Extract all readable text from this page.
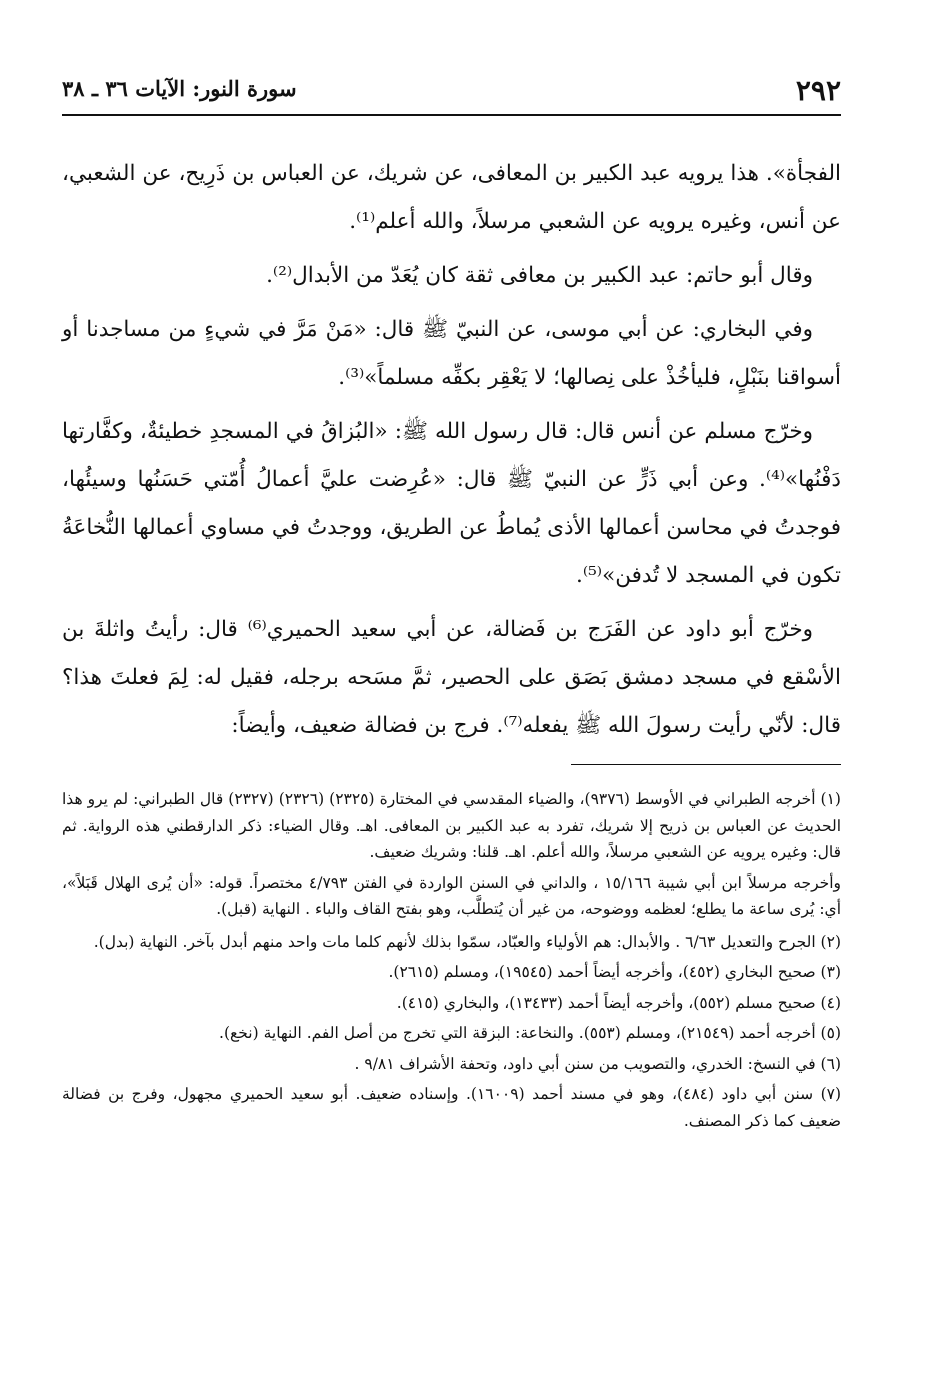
٢٩٢
سورة النور: الآيات ٣٦ ـ ٣٨

الفجأة». هذا يرويه عبد الكبير بن المعافى، عن شريك، عن العباس بن ذَرِيح، عن الشعبي، عن أنس، وغيره يرويه عن الشعبي مرسلاً، والله أعلم⁽¹⁾.

وقال أبو حاتم: عبد الكبير بن معافى ثقة كان يُعَدّ من الأبدال⁽²⁾.

وفي البخاري: عن أبي موسى، عن النبيّ ﷺ قال: «مَنْ مَرَّ في شيءٍ من مساجدنا أو أسواقنا بنَبْلٍ، فليأخُذْ على نِصالها؛ لا يَعْقِر بكفِّه مسلماً»⁽³⁾.

وخرّج مسلم عن أنس قال: قال رسول الله ﷺ: «البُزاقُ في المسجدِ خطيئةٌ، وكفَّارتها دَفْنُها»⁽⁴⁾. وعن أبي ذَرٍّ عن النبيّ ﷺ قال: «عُرِضت عليَّ أعمالُ أُمّتي حَسَنُها وسيئُها، فوجدتُ في محاسن أعمالها الأذى يُماطُ عن الطريق، ووجدتُ في مساوي أعمالها النُّخاعَةُ تكون في المسجد لا تُدفن»⁽⁵⁾.

وخرّج أبو داود عن الفَرَج بن فَضالة، عن أبي سعيد الحميري⁽⁶⁾ قال: رأيتُ واثلةَ بن الأسْقع في مسجد دمشق بَصَق على الحصير، ثمَّ مسَحه برجله، فقيل له: لِمَ فعلتَ هذا؟ قال: لأنّي رأيت رسولَ الله ﷺ يفعله⁽⁷⁾. فرج بن فضالة ضعيف، وأيضاً:

(١) أخرجه الطبراني في الأوسط (٩٣٧٦)، والضياء المقدسي في المختارة (٢٣٢٥) (٢٣٢٦) (٢٣٢٧) قال الطبراني: لم يرو هذا الحديث عن العباس بن ذريح إلا شريك، تفرد به عبد الكبير بن المعافى. اهـ. وقال الضياء: ذكر الدارقطني هذه الرواية. ثم قال: وغيره يرويه عن الشعبي مرسلاً، والله أعلم. اهـ. قلنا: وشريك ضعيف.

وأخرجه مرسلاً ابن أبي شيبة ١٥/١٦٦ ، والداني في السنن الواردة في الفتن ٤/٧٩٣ مختصراً. قوله: «أن يُرى الهلال قَبَلاً»، أي: يُرى ساعة ما يطلع؛ لعظمه ووضوحه، من غير أن يُتطلَّب، وهو بفتح القاف والباء . النهاية (قبل).

(٢) الجرح والتعديل ٦/٦٣ . والأبدال: هم الأولياء والعبّاد، سمّوا بذلك لأنهم كلما مات واحد منهم أبدل بآخر. النهاية (بدل).

(٣) صحيح البخاري (٤٥٢)، وأخرجه أيضاً أحمد (١٩٥٤٥)، ومسلم (٢٦١٥).

(٤) صحيح مسلم (٥٥٢)، وأخرجه أيضاً أحمد (١٣٤٣٣)، والبخاري (٤١٥).

(٥) أخرجه أحمد (٢١٥٤٩)، ومسلم (٥٥٣). والنخاعة: البزقة التي تخرج من أصل الفم. النهاية (نخع).

(٦) في النسخ: الخدري، والتصويب من سنن أبي داود، وتحفة الأشراف ٩/٨١ .

(٧) سنن أبي داود (٤٨٤)، وهو في مسند أحمد (١٦٠٠٩). وإسناده ضعيف. أبو سعيد الحميري مجهول، وفرج بن فضالة ضعيف كما ذكر المصنف.
